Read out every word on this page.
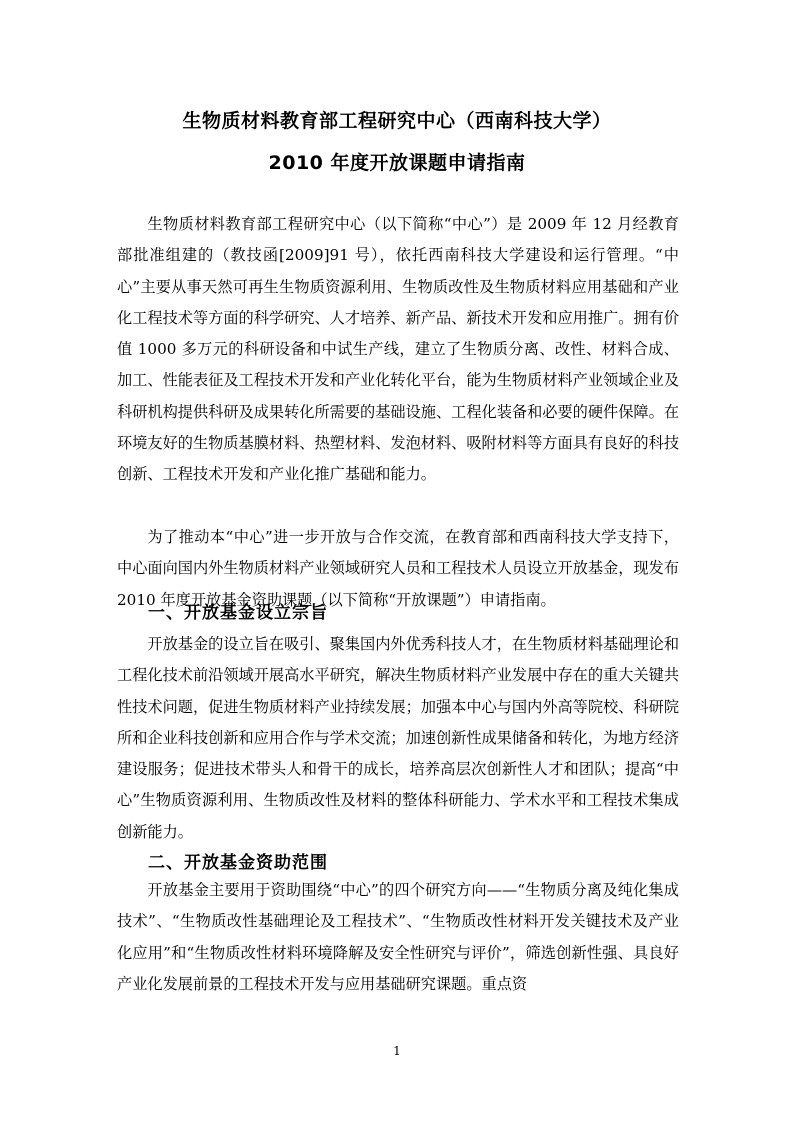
生物质材料教育部工程研究中心（西南科技大学）
2010 年度开放课题申请指南

生物质材料教育部工程研究中心（以下简称“中心”）是 2009 年 12 月经教育部批准组建的（教技函[2009]91 号），依托西南科技大学建设和运行管理。“中心”主要从事天然可再生生物质资源利用、生物质改性及生物质材料应用基础和产业化工程技术等方面的科学研究、人才培养、新产品、新技术开发和应用推广。拥有价值 1000 多万元的科研设备和中试生产线，建立了生物质分离、改性、材料合成、加工、性能表征及工程技术开发和产业化转化平台，能为生物质材料产业领域企业及科研机构提供科研及成果转化所需要的基础设施、工程化装备和必要的硬件保障。在环境友好的生物质基膜材料、热塑材料、发泡材料、吸附材料等方面具有良好的科技创新、工程技术开发和产业化推广基础和能力。

为了推动本“中心”进一步开放与合作交流，在教育部和西南科技大学支持下，中心面向国内外生物质材料产业领域研究人员和工程技术人员设立开放基金，现发布 2010 年度开放基金资助课题（以下简称“开放课题”）申请指南。

一、开放基金设立宗旨

开放基金的设立旨在吸引、聚集国内外优秀科技人才，在生物质材料基础理论和工程化技术前沿领域开展高水平研究，解决生物质材料产业发展中存在的重大关键共性技术问题，促进生物质材料产业持续发展；加强本中心与国内外高等院校、科研院所和企业科技创新和应用合作与学术交流；加速创新性成果储备和转化，为地方经济建设服务；促进技术带头人和骨干的成长，培养高层次创新性人才和团队；提高“中心”生物质资源利用、生物质改性及材料的整体科研能力、学术水平和工程技术集成创新能力。

二、开放基金资助范围

开放基金主要用于资助围绕“中心”的四个研究方向——“生物质分离及纯化集成技术”、“生物质改性基础理论及工程技术”、“生物质改性材料开发关键技术及产业化应用”和“生物质改性材料环境降解及安全性研究与评价”，筛选创新性强、具良好产业化发展前景的工程技术开发与应用基础研究课题。重点资

1
